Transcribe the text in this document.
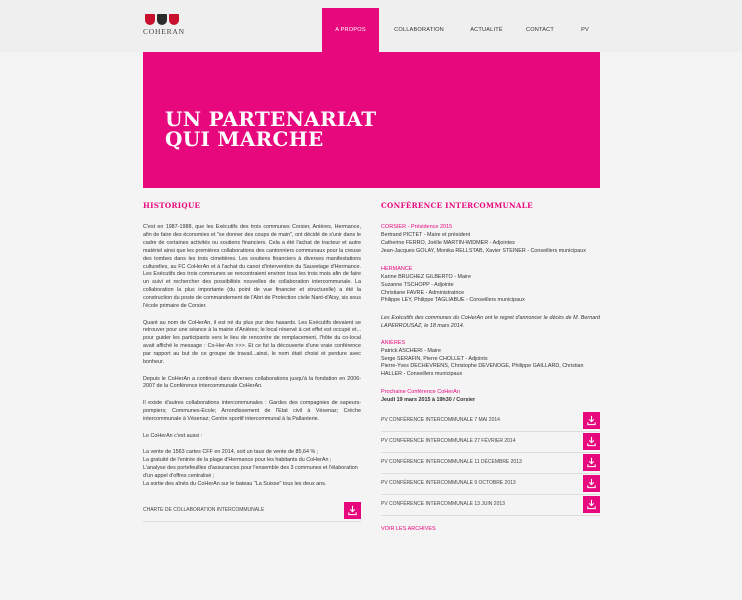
COHERAN	A PROPOS	COLLABORATION	ACTUALITÉ	CONTACT	PV
UN PARTENARIAT
QUI MARCHE
HISTORIQUE

C'est en 1987-1988, que les Exécutifs des trois communes Corsier, Anières, Hermance, afin de faire des économies et "se donner des coups de main", ont décidé de s'unir dans le cadre de certaines activités ou soutiens financiers. Cela a été l'achat de tracteur et autre matériel ainsi que les premières collaborations des cantonniers communaux pour la creuse des tombes dans les trois cimetières. Les soutiens financiers à diverses manifestations culturelles, au FC CoHerAn et à l'achat du canot d'intervention du Sauvetage d'Hermance. Les Exécutifs des trois communes se rencontraient environ tous les trois mois afin de faire un suivi et rechercher des possibilités nouvelles de collaboration intercommunale. La collaboration la plus importante (du point de vue financier et structurelle) a été la construction du poste de commandement de l'Abri de Protection civile Nant-d'Aisy, sis sous l'école primaire de Corsier.

Quant au nom de CoHerAn, il est né du plus pur des hasards. Les Exécutifs devaient se retrouver pour une séance à la mairie d'Anières; le local réservé à cet effet est occupé et... pour guider les participants vers le lieu de rencontre de remplacement, l'hôte du co-local avait affiché le message : Co-Her-An >>>. Et ce fut la découverte d'une vraie conférence par rapport au but de ce groupe de travail...ainsi, le nom était choisi et perdure avec bonheur.

Depuis le CoHerAn a continué dans diverses collaborations jusqu'à la fondation en 2006-2007 de la Conférence intercommunale CoHerAn.

Il existe d'autres collaborations intercommunales : Gardes des compagnies de sapeurs-pompiers; Communes-Ecole; Arrondissement de l'Etat civil à Vésenaz; Crèche intercommunale à Vésenaz; Centre sportif intercommunal à la Pallanterie.

Le CoHerAn c'est aussi :

La vente de 1563 cartes CFF en 2014, soit un taux de vente de 85,64 % ;
La gratuité de l'entrée de la plage d'Hermance pour les habitants du CoHerAn ;
L'analyse des portefeuilles d'assurances pour l'ensemble des 3 communes et l'élaboration d'un appel d'offres centralisé ;
La sortie des aînés du CoHerAn sur le bateau "La Suisse" tous les deux ans.
CHARTE DE COLLABORATION INTERCOMMUNALE
CONFÉRENCE INTERCOMMUNALE
CORSIER - Présidence 2015
Bertrand PICTET - Maire et président
Catherine FERRO, Joëlle MARTIN-WIDMER - Adjointes
Jean-Jacques GOLAY, Monika RELLSTAB, Xavier STEINER - Conseillers municipaux
HERMANCE
Karine BRUCHEZ GILBERTO - Maire
Suzanne TSCHOPP - Adjointe
Christiane FAVRE - Administratrice
Philippe LEY, Philippe TAGLIABUE - Conseillers municipaux

Les Exécutifs des communes du CoHerAn ont le regret d'annoncer le décès de M. Bernard LAPERROUSAZ, le 18 mars 2014.

ANIÈRES
Patrick ASCHERI - Maire
Serge SERAFIN, Pierre CHOLLET - Adjoints
Pierre-Yves DECHEVRENS, Christophe DEVENOGE, Philippe GAILLARD, Christian HALLER - Conseillers municipaux
Prochaine Conférence CoHerAn
Jeudi 19 mars 2015 à 19h30 / Corsier
PV CONFÉRENCE INTERCOMMUNALE 7 MAI 2014
PV CONFÉRENCE INTERCOMMUNALE 27 FÉVRIER 2014
PV CONFÉRENCE INTERCOMMUNALE 11 DÉCEMBRE 2013
PV CONFÉRENCE INTERCOMMUNALE 9 OCTOBRE 2013
PV CONFÉRENCE INTERCOMMUNALE 13 JUIN 2013
VOIR LES ARCHIVES
